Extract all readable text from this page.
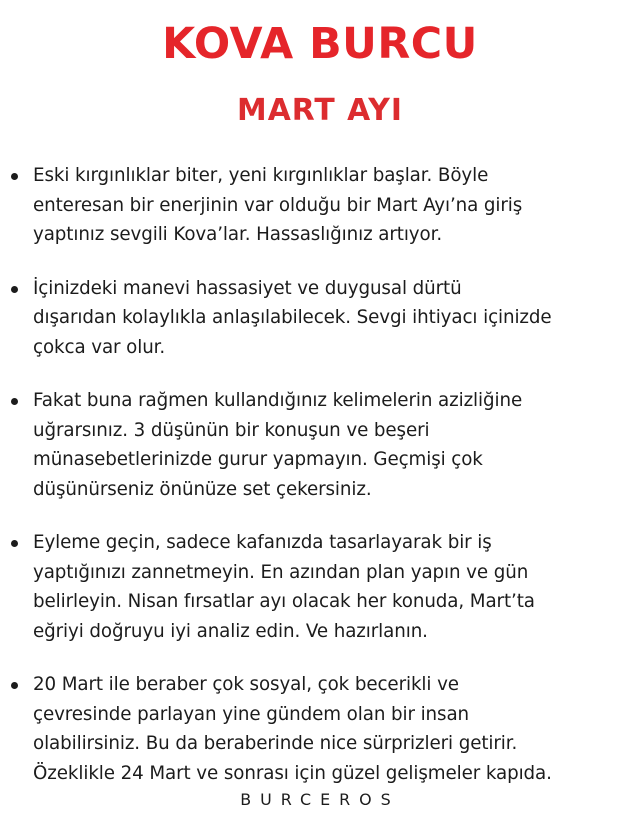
KOVA BURCU
MART AYI
Eski kırgınlıklar biter, yeni kırgınlıklar başlar. Böyle
enteresan bir enerjinin var olduğu bir Mart Ayı’na giriş
yaptınız sevgili Kova’lar. Hassaslığınız artıyor.
İçinizdeki manevi hassasiyet ve duygusal dürtü
dışarıdan kolaylıkla anlaşılabilecek. Sevgi ihtiyacı içinizde
çokca var olur.
Fakat buna rağmen kullandığınız kelimelerin azizliğine
uğrarsınız. 3 düşünün bir konuşun ve beşeri
münasebetlerinizde gurur yapmayın. Geçmişi çok
düşünürseniz önünüze set çekersiniz.
Eyleme geçin, sadece kafanızda tasarlayarak bir iş
yaptığınızı zannetmeyin. En azından plan yapın ve gün
belirleyin. Nisan fırsatlar ayı olacak her konuda, Mart’ta
eğriyi doğruyu iyi analiz edin. Ve hazırlanın.
20 Mart ile beraber çok sosyal, çok becerikli ve
çevresinde parlayan yine gündem olan bir insan
olabilirsiniz. Bu da beraberinde nice sürprizleri getirir.
Özeklikle 24 Mart ve sonrası için güzel gelişmeler kapıda.
BURCEROS
